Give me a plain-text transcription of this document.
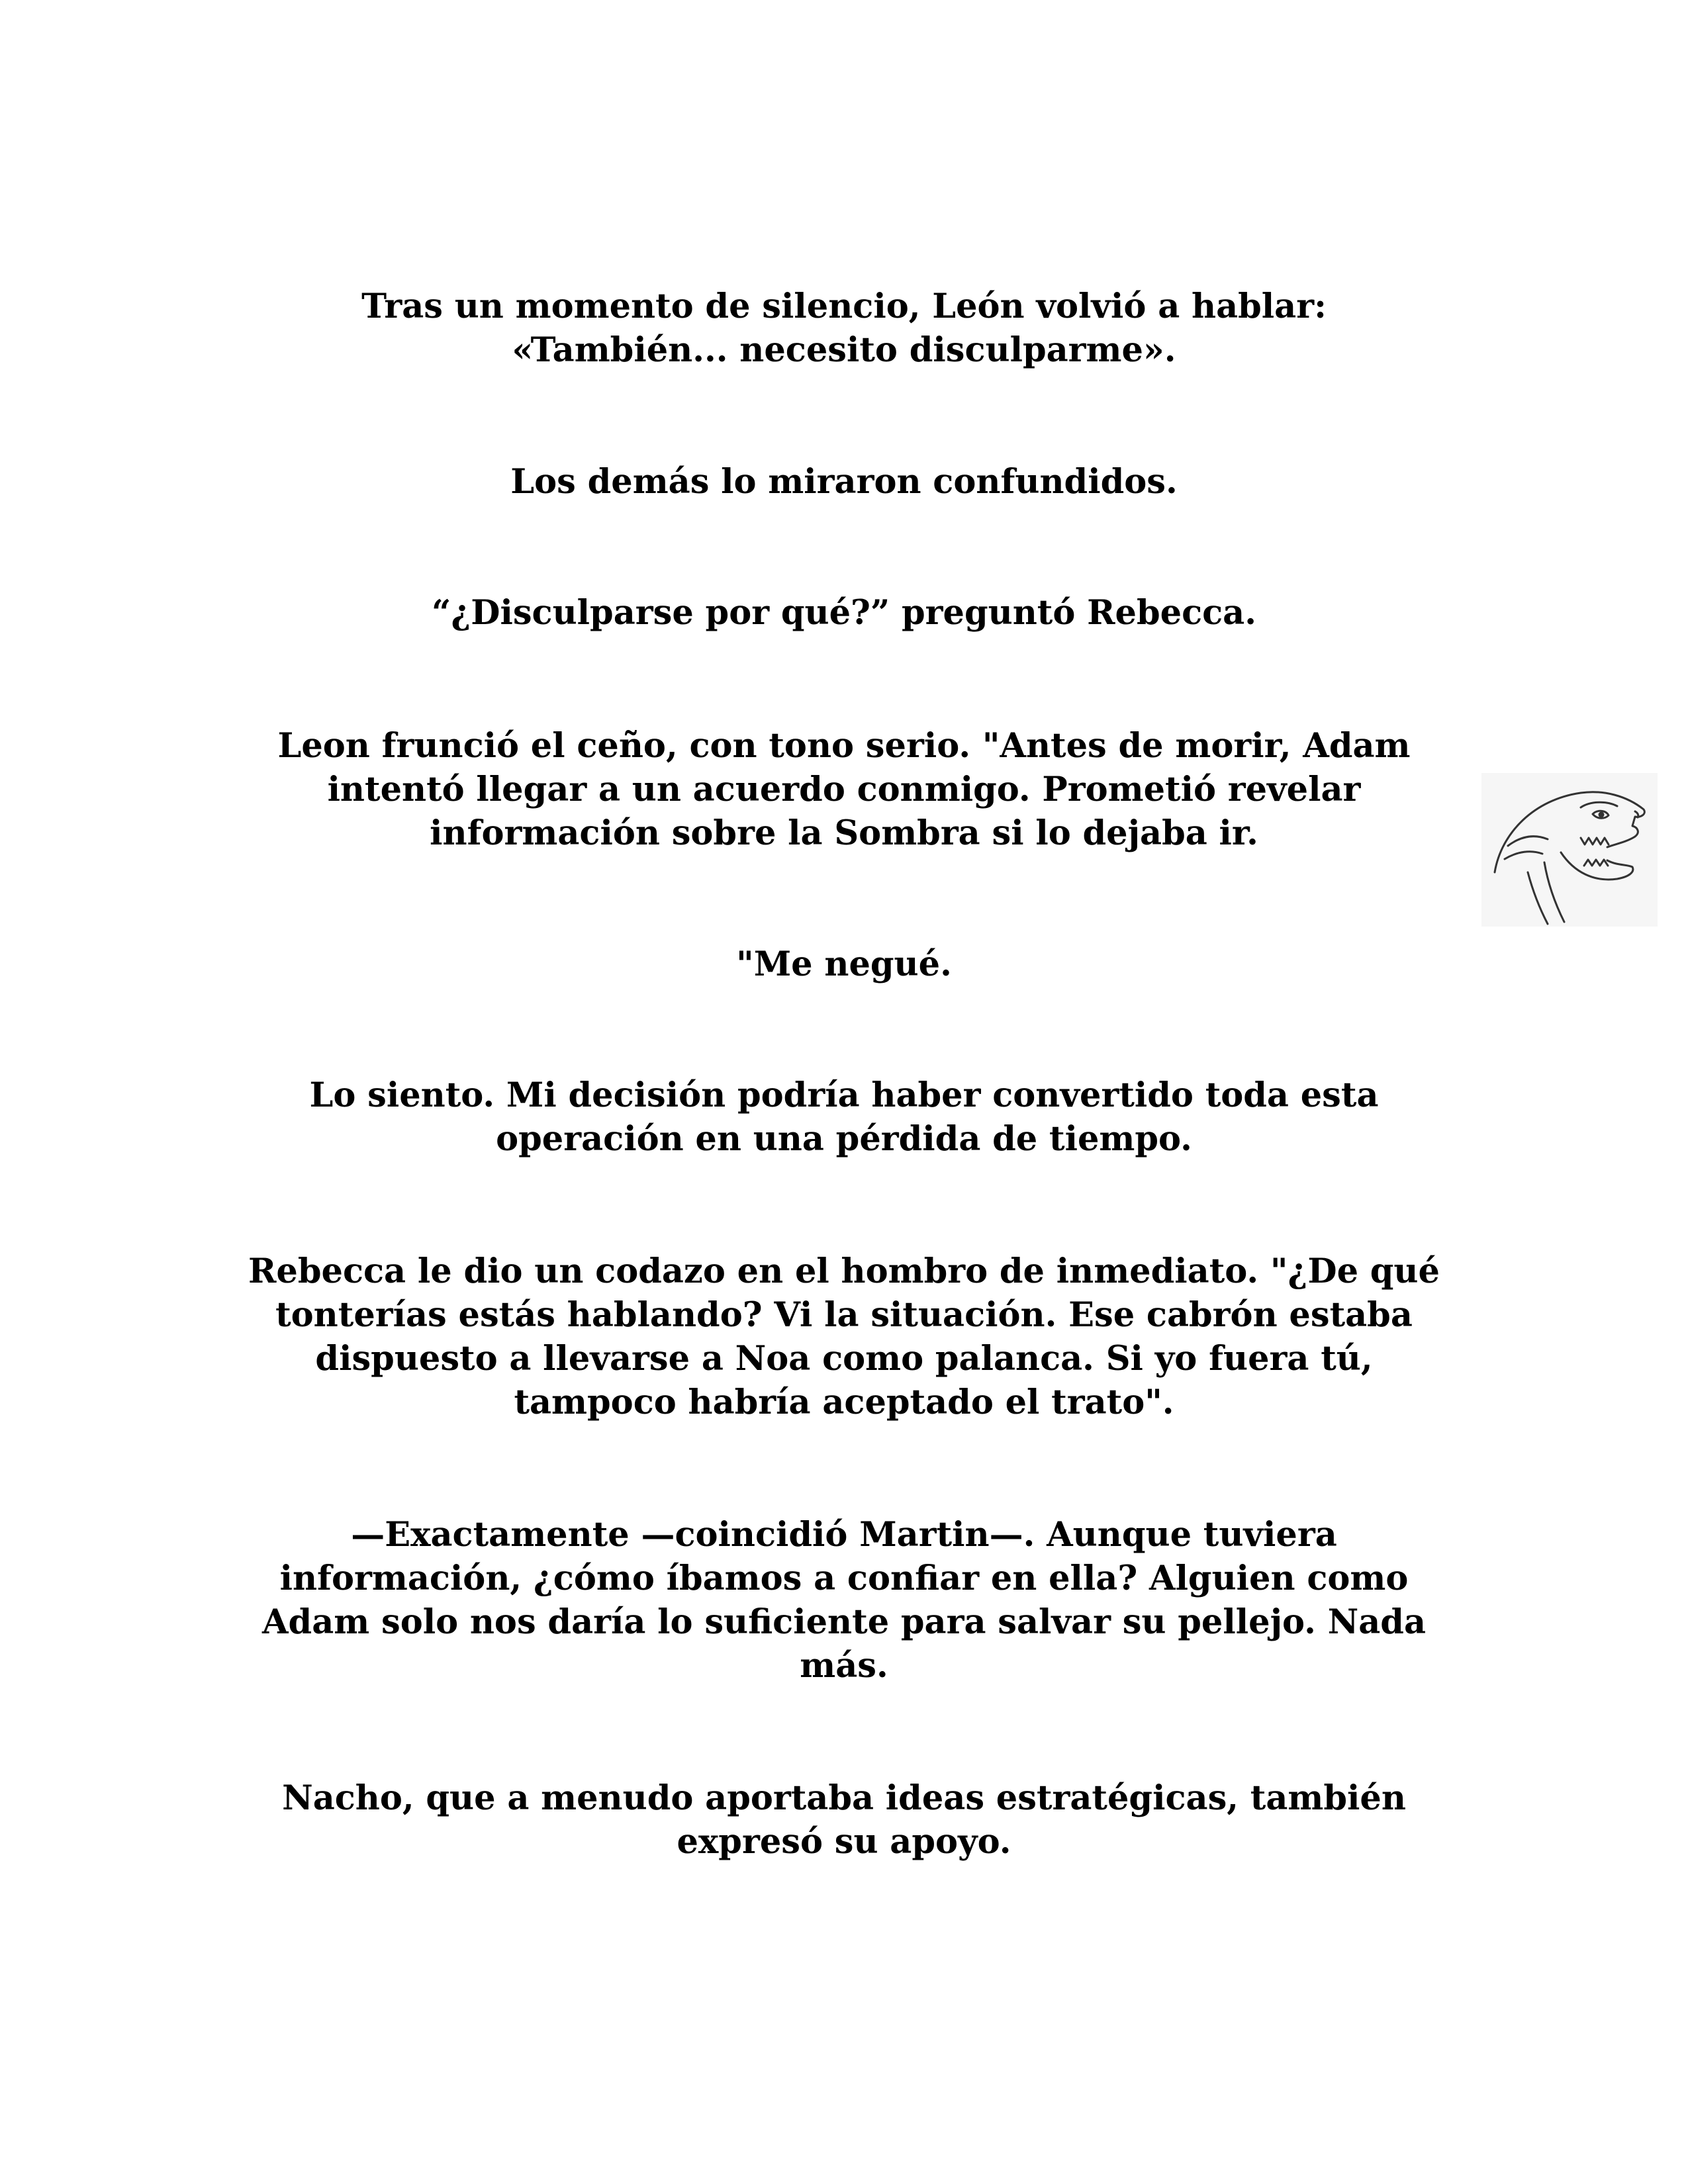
Tras un momento de silencio, León volvió a hablar:
«También... necesito disculparme».
Los demás lo miraron confundidos.
“¿Disculparse por qué?” preguntó Rebecca.
Leon frunció el ceño, con tono serio. "Antes de morir, Adam
intentó llegar a un acuerdo conmigo. Prometió revelar
información sobre la Sombra si lo dejaba ir.
"Me negué.
Lo siento. Mi decisión podría haber convertido toda esta
operación en una pérdida de tiempo.
Rebecca le dio un codazo en el hombro de inmediato. "¿De qué
tonterías estás hablando? Vi la situación. Ese cabrón estaba
dispuesto a llevarse a Noa como palanca. Si yo fuera tú,
tampoco habría aceptado el trato".
—Exactamente —coincidió Martin—. Aunque tuviera
información, ¿cómo íbamos a confiar en ella? Alguien como
Adam solo nos daría lo suficiente para salvar su pellejo. Nada
más.
Nacho, que a menudo aportaba ideas estratégicas, también
expresó su apoyo.
